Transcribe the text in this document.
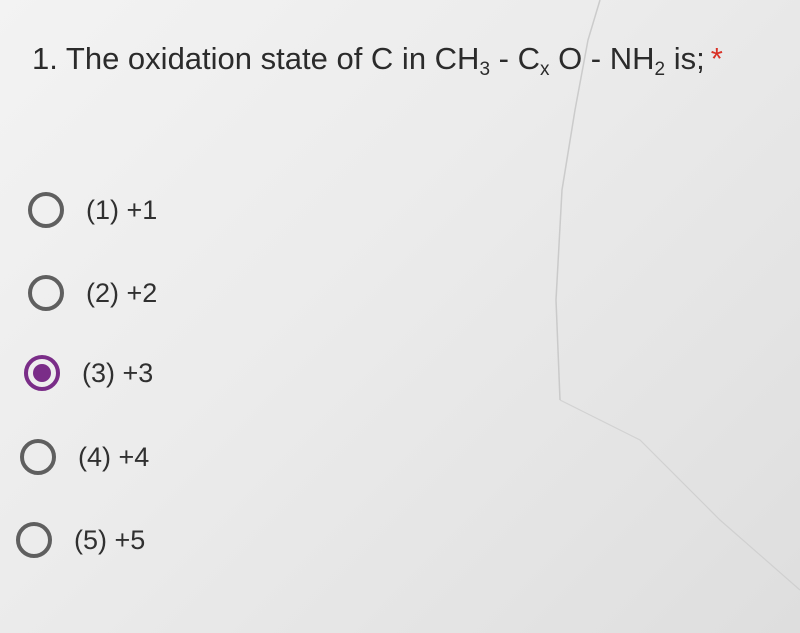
1. The oxidation state of C in $CH_3 - C_x$ O - $NH_2$ is; *
(1) +1
(2) +2
(3) +3
(4) +4
(5) +5
